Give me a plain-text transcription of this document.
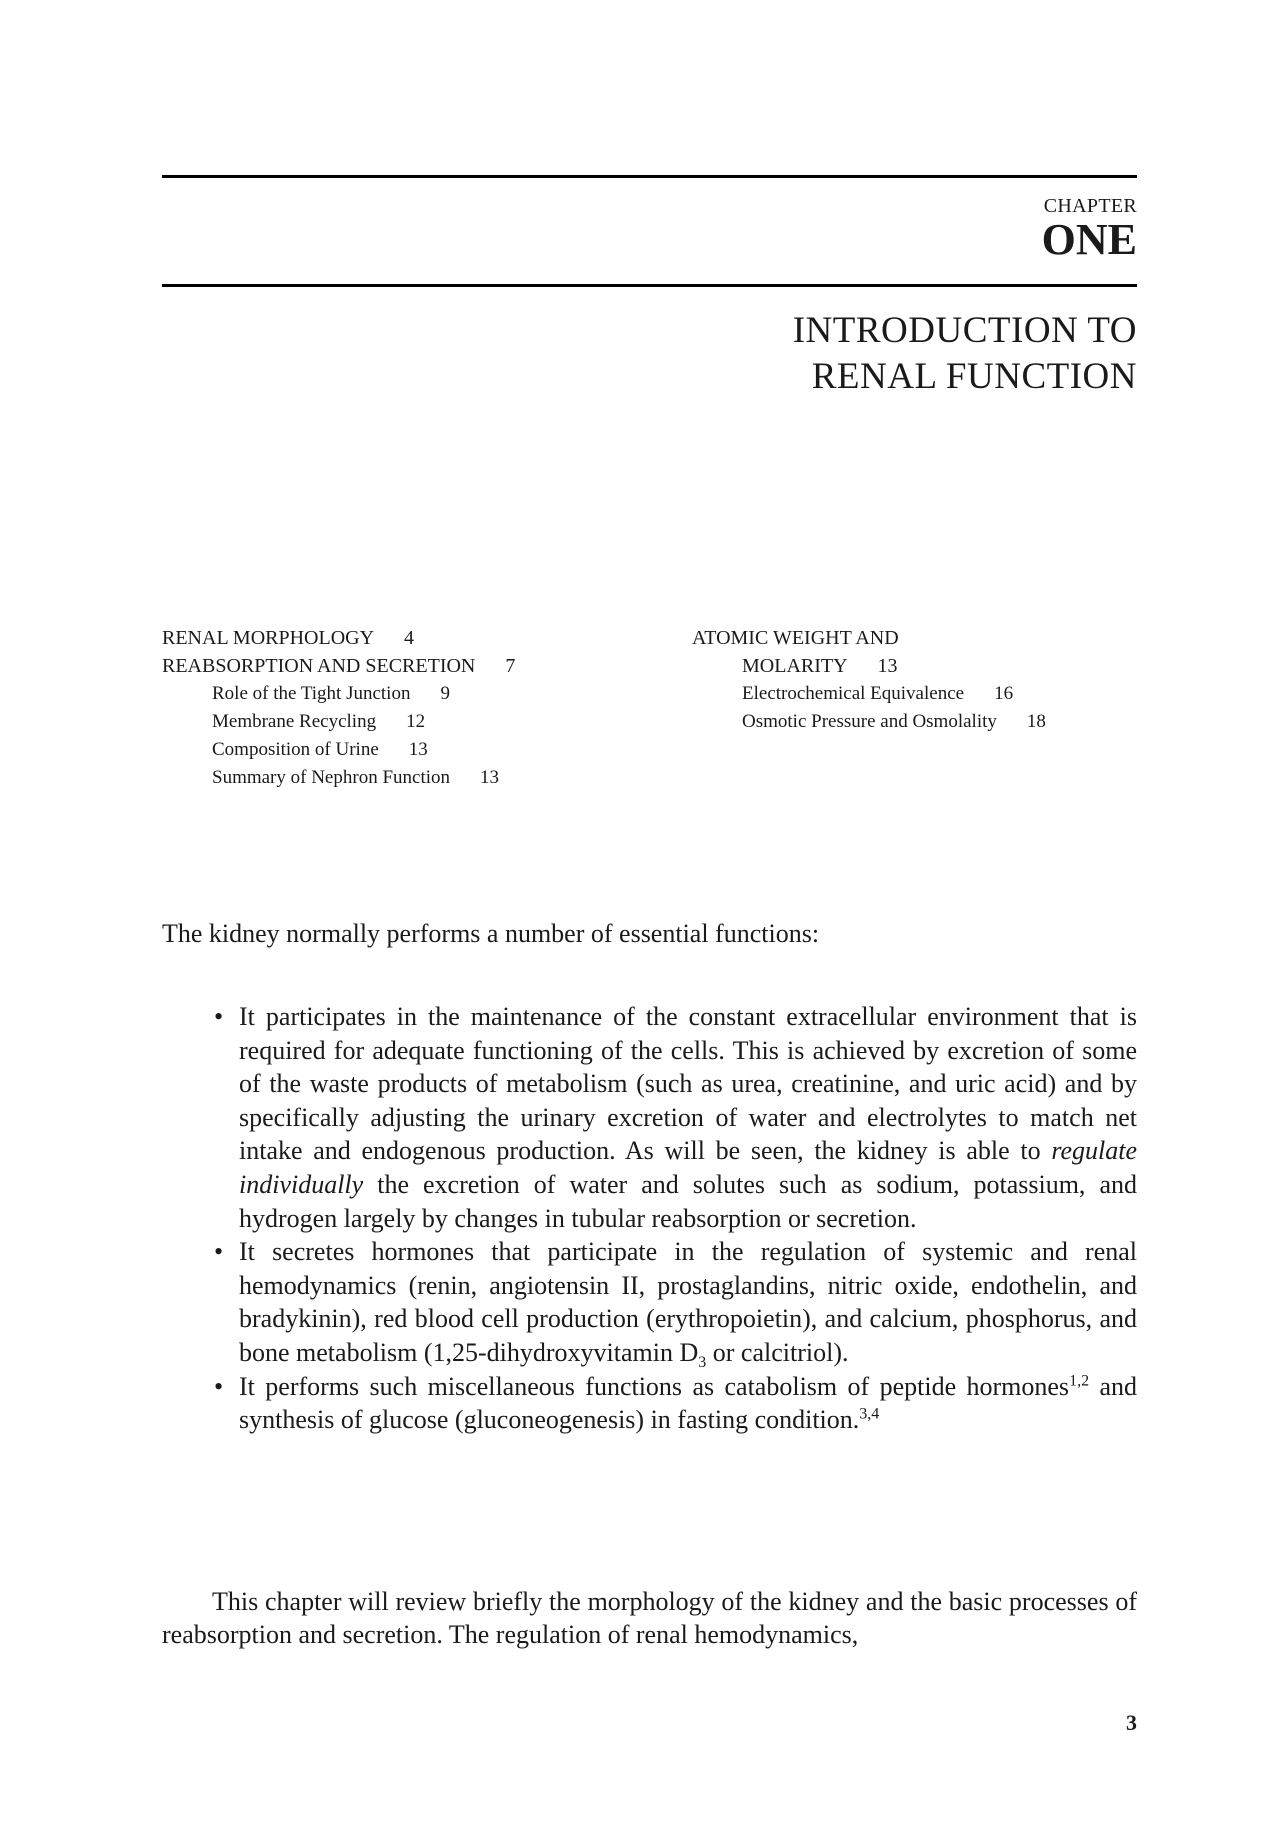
CHAPTER
ONE
INTRODUCTION TO
RENAL FUNCTION
RENAL MORPHOLOGY 4
REABSORPTION AND SECRETION 7
Role of the Tight Junction 9
Membrane Recycling 12
Composition of Urine 13
Summary of Nephron Function 13
ATOMIC WEIGHT AND
MOLARITY 13
Electrochemical Equivalence 16
Osmotic Pressure and Osmolality 18
The kidney normally performs a number of essential functions:
• It participates in the maintenance of the constant extracellular environment that is required for adequate functioning of the cells. This is achieved by excretion of some of the waste products of metabolism (such as urea, creatinine, and uric acid) and by specifically adjusting the urinary excretion of water and electrolytes to match net intake and endogenous production. As will be seen, the kidney is able to regulate individually the excretion of water and solutes such as sodium, potassium, and hydrogen largely by changes in tubular reabsorption or secretion.
• It secretes hormones that participate in the regulation of systemic and renal hemodynamics (renin, angiotensin II, prostaglandins, nitric oxide, endothelin, and bradykinin), red blood cell production (erythropoietin), and calcium, phosphorus, and bone metabolism (1,25-dihydroxyvitamin $D_3$ or calcitriol).
• It performs such miscellaneous functions as catabolism of peptide hormones$^{1,2}$ and synthesis of glucose (gluconeogenesis) in fasting condition.$^{3,4}$
This chapter will review briefly the morphology of the kidney and the basic processes of reabsorption and secretion. The regulation of renal hemodynamics,
3
